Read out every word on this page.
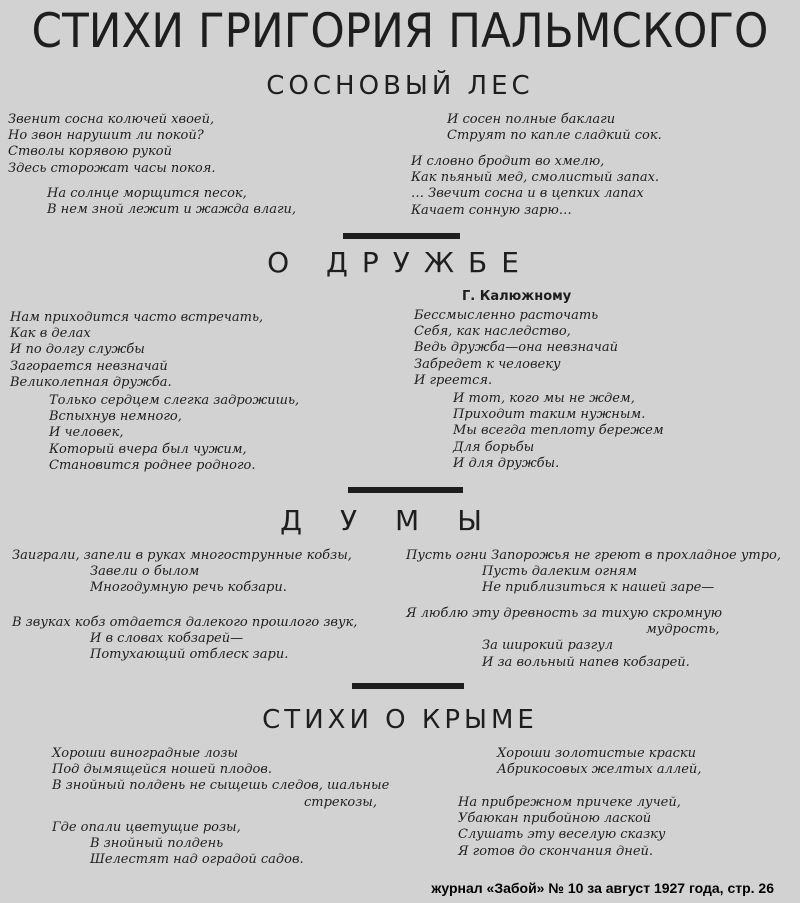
СТИХИ ГРИГОРИЯ ПАЛЬМСКОГО
СОСНОВЫЙ ЛЕС
Звенит сосна колючей хвоей,
Но звон нарушит ли покой?
Стволы корявою рукой
Здесь сторожат часы покоя.
На солнце морщится песок,
В нем зной лежит и жажда влаги,
И сосен полные баклаги
Струят по капле сладкий сок.
И словно бродит во хмелю,
Как пьяный мед, смолистый запах.
… Звечит сосна и в цепких лапах
Качает сонную зарю…
О ДРУЖБЕ
Г. Калюжному
Нам приходится часто встречать,
Как в делах
И по долгу службы
Загорается невзначай
Великолепная дружба.
Только сердцем слегка задрожишь,
Вспыхнув немного,
И человек,
Который вчера был чужим,
Становится роднее родного.
Бессмысленно расточать
Себя, как наследство,
Ведь дружба—она невзначай
Забредет к человеку
И греется.
И тот, кого мы не ждем,
Приходит таким нужным.
Мы всегда теплоту бережем
Для борьбы
И для дружбы.
ДУМЫ
Заиграли, запели в руках многострунные кобзы,
Завели о былом
Многодумную речь кобзари.
В звуках кобз отдается далекого прошлого звук,
И в словах кобзарей—
Потухающий отблеск зари.
Пусть огни Запорожья не греют в прохладное утро,
Пусть далеким огням
Не приблизиться к нашей заре—
Я люблю эту древность за тихую скромную
мудрость,
За широкий разгул
И за вольный напев кобзарей.
СТИХИ О КРЫМЕ
Хороши виноградные лозы
Под дымящейся ношей плодов.
В знойный полдень не сыщешь следов, шальные
стрекозы,
Где опали цветущие розы,
В знойный полдень
Шелестят над оградой садов.
Хороши золотистые краски
Абрикосовых желтых аллей,
На прибрежном причеке лучей,
Убаюкан прибойною лаской
Слушать эту веселую сказку
Я готов до скончания дней.
журнал «Забой» № 10 за август 1927 года, стр. 26
